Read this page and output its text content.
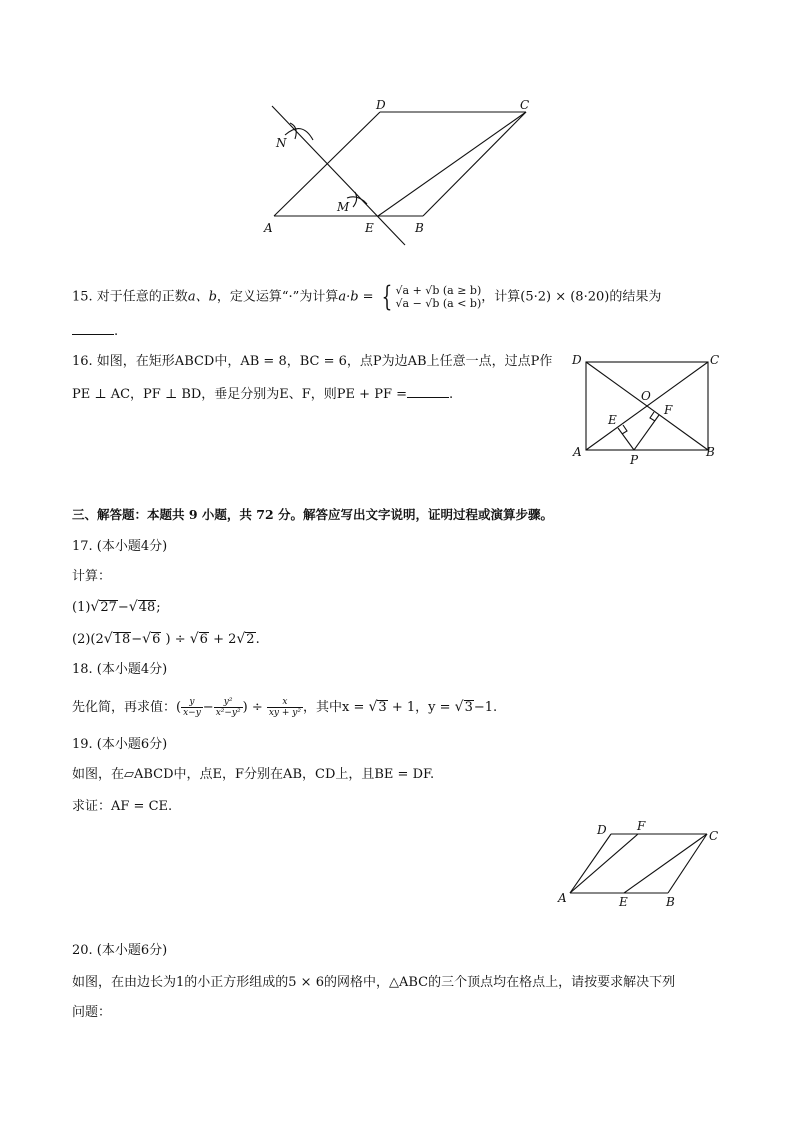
D	C
N
M
A	E	B
15. 对于任意的正数a、b，定义运算“·”为计算a·b = { √a + √b (a ≥ b)
√a − √b (a < b)，计算(5·2) × (8·20)的结果为
.
16. 如图，在矩形ABCD中，AB = 8，BC = 6，点P为边AB上任意一点，过点P作
PE ⊥ AC，PF ⊥ BD，垂足分别为E、F，则PE + PF =	.
D	C
O
E
F
A
P
B
三、解答题：本题共 9 小题，共 72 分。解答应写出文字说明，证明过程或演算步骤。
17. (本小题4分)
计算：
(1)√27−√48;
(2)(2√18−√6 ) ÷ √6 + 2√2.
18. (本小题4分)
先化简，再求值：( $\frac{y}{x-y} - \frac{\text{y²}}{\text{x²−y²}}$ ) ÷ $\frac{x}{\text{xy + y²}}$ ，其中x = √3 + 1，y = √3−1.
19. (本小题6分)
如图，在▱ABCD中，点E，F分别在AB，CD上，且BE = DF.
求证：AF = CE.
D	F
C
A	E	B
20. (本小题6分)
如图，在由边长为1的小正方形组成的5 × 6的网格中，△ABC的三个顶点均在格点上，请按要求解决下列
问题：
